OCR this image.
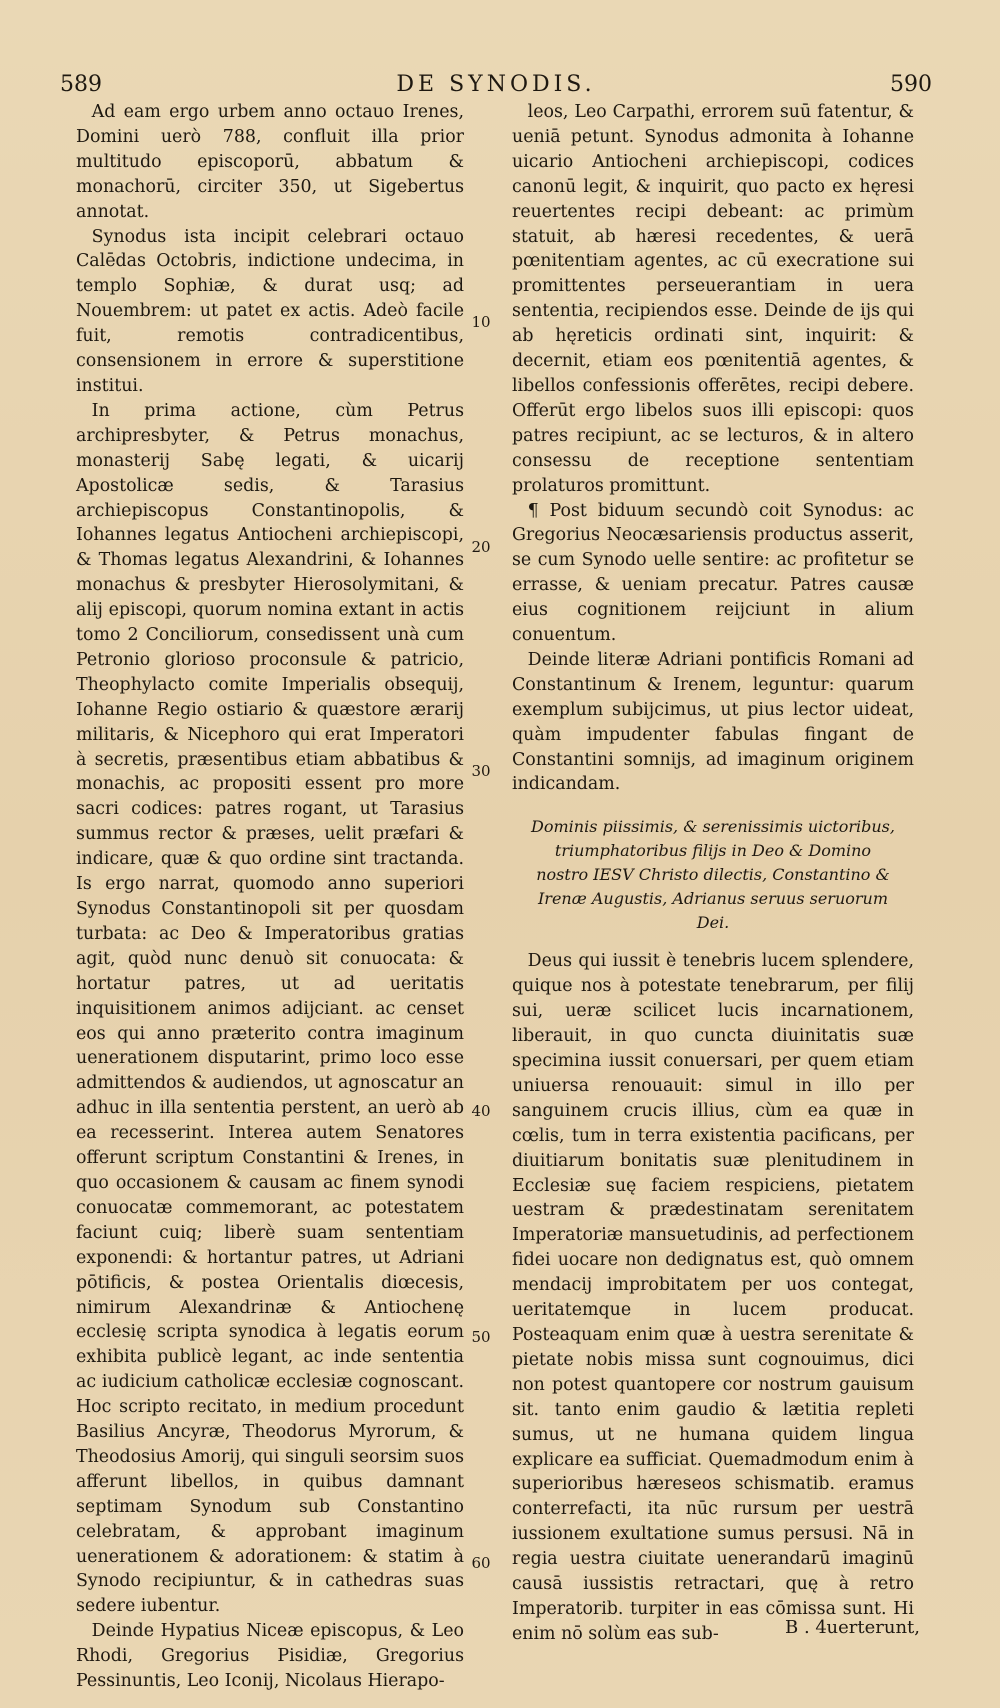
589	DE SYNODIS.	590

Ad eam ergo urbem anno octauo Irenes, Domini uerò 788, confluit illa prior multitudo episcoporū, abbatum & monachorū, circiter 350, ut Sigebertus annotat.

Synodus ista incipit celebrari octauo Calēdas Octobris, indictione undecima, in templo Sophiæ, & durat usq; ad Nouembrem: ut patet ex actis. Adeò facile fuit, remotis contradicentibus, consensionem in errore & superstitione institui.

In prima actione, cùm Petrus archipresbyter, & Petrus monachus, monasterij Sabę legati, & uicarij Apostolicæ sedis, & Tarasius archiepiscopus Constantinopolis, & Iohannes legatus Antiocheni archiepiscopi, & Thomas legatus Alexandrini, & Iohannes monachus & presbyter Hierosolymitani, & alij episcopi, quorum nomina extant in actis tomo 2 Conciliorum, consedissent unà cum Petronio glorioso proconsule & patricio, Theophylacto comite Imperialis obsequij, Iohanne Regio ostiario & quæstore ærarij militaris, & Nicephoro qui erat Imperatori à secretis, præsentibus etiam abbatibus & monachis, ac propositi essent pro more sacri codices: patres rogant, ut Tarasius summus rector & præses, uelit præfari & indicare, quæ & quo ordine sint tractanda. Is ergo narrat, quomodo anno superiori Synodus Constantinopoli sit per quosdam turbata: ac Deo & Imperatoribus gratias agit, quòd nunc denuò sit conuocata: & hortatur patres, ut ad ueritatis inquisitionem animos adijciant. ac censet eos qui anno præterito contra imaginum uenerationem disputarint, primo loco esse admittendos & audiendos, ut agnoscatur an adhuc in illa sententia perstent, an uerò ab ea recesserint. Interea autem Senatores offerunt scriptum Constantini & Irenes, in quo occasionem & causam ac finem synodi conuocatæ commemorant, ac potestatem faciunt cuiq; liberè suam sententiam exponendi: & hortantur patres, ut Adriani pōtificis, & postea Orientalis diœcesis, nimirum Alexandrinæ & Antiochenę ecclesię scripta synodica à legatis eorum exhibita publicè legant, ac inde sententia ac iudicium catholicæ ecclesiæ cognoscant. Hoc scripto recitato, in medium procedunt Basilius Ancyræ, Theodorus Myrorum, & Theodosius Amorij, qui singuli seorsim suos afferunt libellos, in quibus damnant septimam Synodum sub Constantino celebratam, & approbant imaginum uenerationem & adorationem: & statim à Synodo recipiuntur, & in cathedras suas sedere iubentur.

Deinde Hypatius Niceæ episcopus, & Leo Rhodi, Gregorius Pisidiæ, Gregorius Pessinuntis, Leo Iconij, Nicolaus Hierapo-

10
20
30
40
50
60

leos, Leo Carpathi, errorem suū fatentur, & ueniā petunt. Synodus admonita à Iohanne uicario Antiocheni archiepiscopi, codices canonū legit, & inquirit, quo pacto ex hęresi reuertentes recipi debeant: ac primùm statuit, ab hæresi recedentes, & uerā pœnitentiam agentes, ac cū execratione sui promittentes perseuerantiam in uera sententia, recipiendos esse. Deinde de ijs qui ab hęreticis ordinati sint, inquirit: & decernit, etiam eos pœnitentiā agentes, & libellos confessionis offerētes, recipi debere. Offerūt ergo libelos suos illi episcopi: quos patres recipiunt, ac se lecturos, & in altero consessu de receptione sententiam prolaturos promittunt.

¶ Post biduum secundò coit Synodus: ac Gregorius Neocæsariensis productus asserit, se cum Synodo uelle sentire: ac profitetur se errasse, & ueniam precatur. Patres causæ eius cognitionem reijciunt in alium conuentum.

Deinde literæ Adriani pontificis Romani ad Constantinum & Irenem, leguntur: quarum exemplum subijcimus, ut pius lector uideat, quàm impudenter fabulas fingant de Constantini somnijs, ad imaginum originem indicandam.

Dominis piissimis, & serenissimis uictoribus, triumphatoribus filijs in Deo & Domino nostro IESV Christo dilectis, Constantino & Irenæ Augustis, Adrianus seruus seruorum Dei.

Deus qui iussit è tenebris lucem splendere, quique nos à potestate tenebrarum, per filij sui, ueræ scilicet lucis incarnationem, liberauit, in quo cuncta diuinitatis suæ specimina iussit conuersari, per quem etiam uniuersa renouauit: simul in illo per sanguinem crucis illius, cùm ea quæ in cœlis, tum in terra existentia pacificans, per diuitiarum bonitatis suæ plenitudinem in Ecclesiæ suę faciem respiciens, pietatem uestram & prædestinatam serenitatem Imperatoriæ mansuetudinis, ad perfectionem fidei uocare non dedignatus est, quò omnem mendacij improbitatem per uos contegat, ueritatemque in lucem producat. Posteaquam enim quæ à uestra serenitate & pietate nobis missa sunt cognouimus, dici non potest quantopere cor nostrum gauisum sit. tanto enim gaudio & lætitia repleti sumus, ut ne humana quidem lingua explicare ea sufficiat. Quemadmodum enim à superioribus hæreseos schismatib. eramus conterrefacti, ita nūc rursum per uestrā iussionem exultatione sumus persusi. Nā in regia uestra ciuitate uenerandarū imaginū causā iussistis retractari, quę à retro Imperatorib. turpiter in eas cōmissa sunt. Hi enim nō solùm eas sub-	B . 4 uerterunt,
